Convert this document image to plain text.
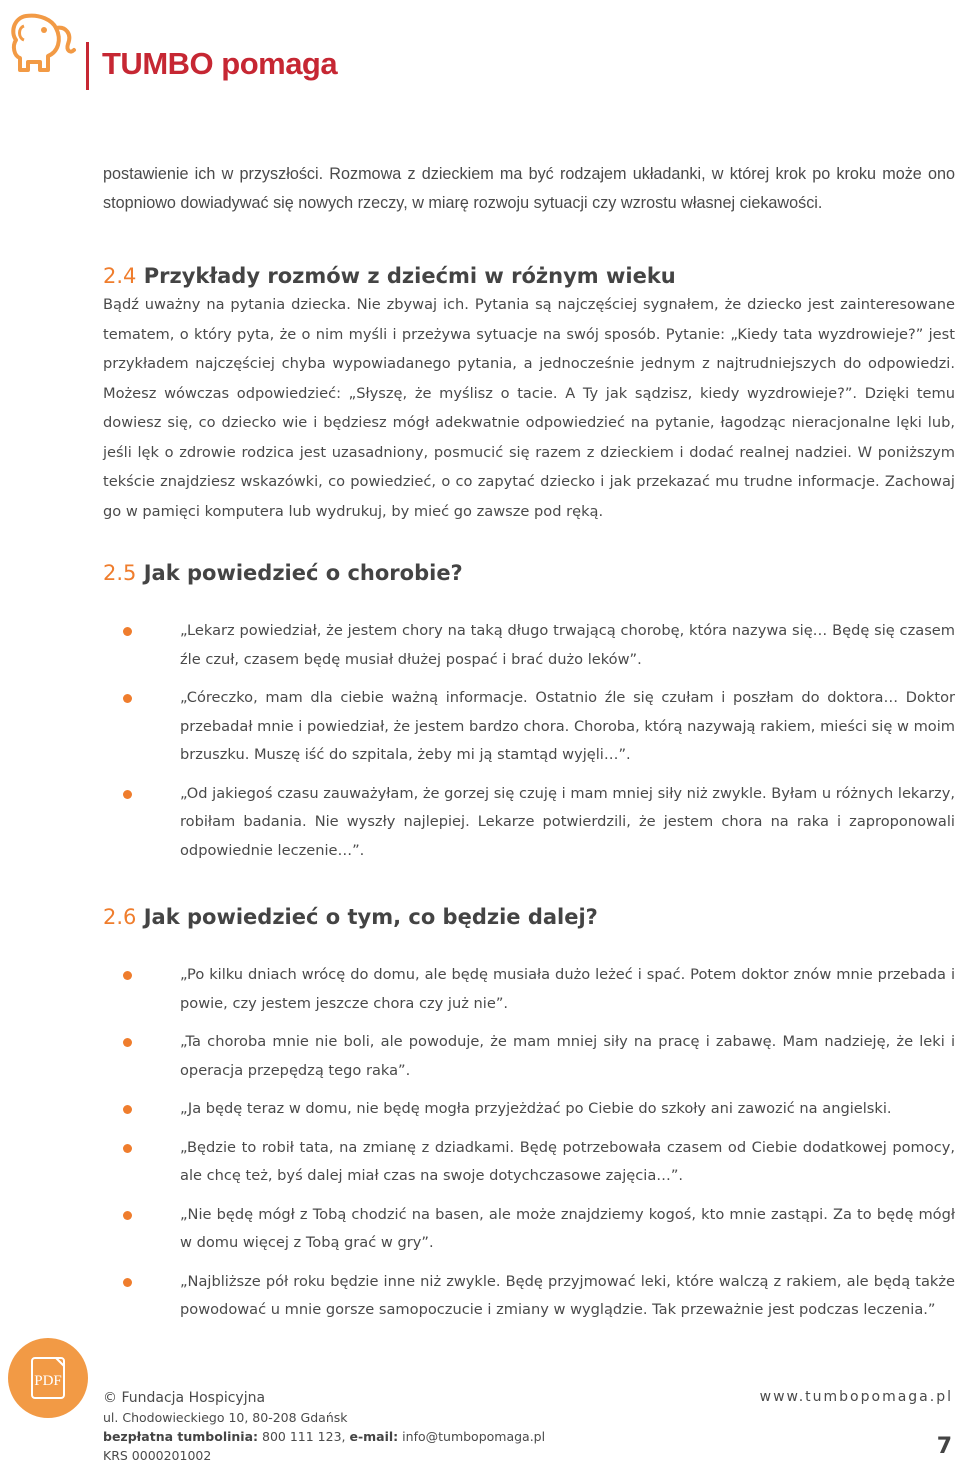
TUMBO pomaga

postawienie ich w przyszłości. Rozmowa z dzieckiem ma być rodzajem układanki, w której krok po kroku może ono stopniowo dowiadywać się nowych rzeczy, w miarę rozwoju sytuacji czy wzrostu własnej ciekawości.

2.4 Przykłady rozmów z dziećmi w różnym wieku

Bądź uważny na pytania dziecka. Nie zbywaj ich. Pytania są najczęściej sygnałem, że dziecko jest zainteresowane tematem, o który pyta, że o nim myśli i przeżywa sytuacje na swój sposób. Pytanie: „Kiedy tata wyzdrowieje?” jest przykładem najczęściej chyba wypowiadanego pytania, a jednocześnie jednym z najtrudniejszych do odpowiedzi. Możesz wówczas odpowiedzieć: „Słyszę, że myślisz o tacie. A Ty jak sądzisz, kiedy wyzdrowieje?”. Dzięki temu dowiesz się, co dziecko wie i będziesz mógł adekwatnie odpowiedzieć na pytanie, łagodząc nieracjonalne lęki lub, jeśli lęk o zdrowie rodzica jest uzasadniony, posmucić się razem z dzieckiem i dodać realnej nadziei. W poniższym tekście znajdziesz wskazówki, co powiedzieć, o co zapytać dziecko i jak przekazać mu trudne informacje. Zachowaj go w pamięci komputera lub wydrukuj, by mieć go zawsze pod ręką.

2.5 Jak powiedzieć o chorobie?
„Lekarz powiedział, że jestem chory na taką długo trwającą chorobę, która nazywa się… Będę się czasem źle czuł, czasem będę musiał dłużej pospać i brać dużo leków”.
„Córeczko, mam dla ciebie ważną informacje. Ostatnio źle się czułam i poszłam do doktora… Doktor przebadał mnie i powiedział, że jestem bardzo chora. Choroba, którą nazywają rakiem, mieści się w moim brzuszku. Muszę iść do szpitala, żeby mi ją stamtąd wyjęli…”.
„Od jakiegoś czasu zauważyłam, że gorzej się czuję i mam mniej siły niż zwykle. Byłam u różnych lekarzy, robiłam badania. Nie wyszły najlepiej. Lekarze potwierdzili, że jestem chora na raka i zaproponowali odpowiednie leczenie…”.
2.6 Jak powiedzieć o tym, co będzie dalej?
„Po kilku dniach wrócę do domu, ale będę musiała dużo leżeć i spać. Potem doktor znów mnie przebada i powie, czy jestem jeszcze chora czy już nie”.
„Ta choroba mnie nie boli, ale powoduje, że mam mniej siły na pracę i zabawę. Mam nadzieję, że leki i operacja przepędzą tego raka”.
„Ja będę teraz w domu, nie będę mogła przyjeżdżać po Ciebie do szkoły ani zawozić na angielski.
„Będzie to robił tata, na zmianę z dziadkami. Będę potrzebowała czasem od Ciebie dodatkowej pomocy, ale chcę też, byś dalej miał czas na swoje dotychczasowe zajęcia…”.
„Nie będę mógł z Tobą chodzić na basen, ale może znajdziemy kogoś, kto mnie zastąpi. Za to będę mógł w domu więcej z Tobą grać w gry”.
„Najbliższe pół roku będzie inne niż zwykle. Będę przyjmować leki, które walczą z rakiem, ale będą także powodować u mnie gorsze samopoczucie i zmiany w wyglądzie. Tak przeważnie jest podczas leczenia.”
PDF
© Fundacja Hospicyjna
ul. Chodowieckiego 10, 80-208 Gdańsk
bezpłatna tumbolinia: 800 111 123, e-mail: info@tumbopomaga.pl
KRS 0000201002
www.tumbopomaga.pl
7
